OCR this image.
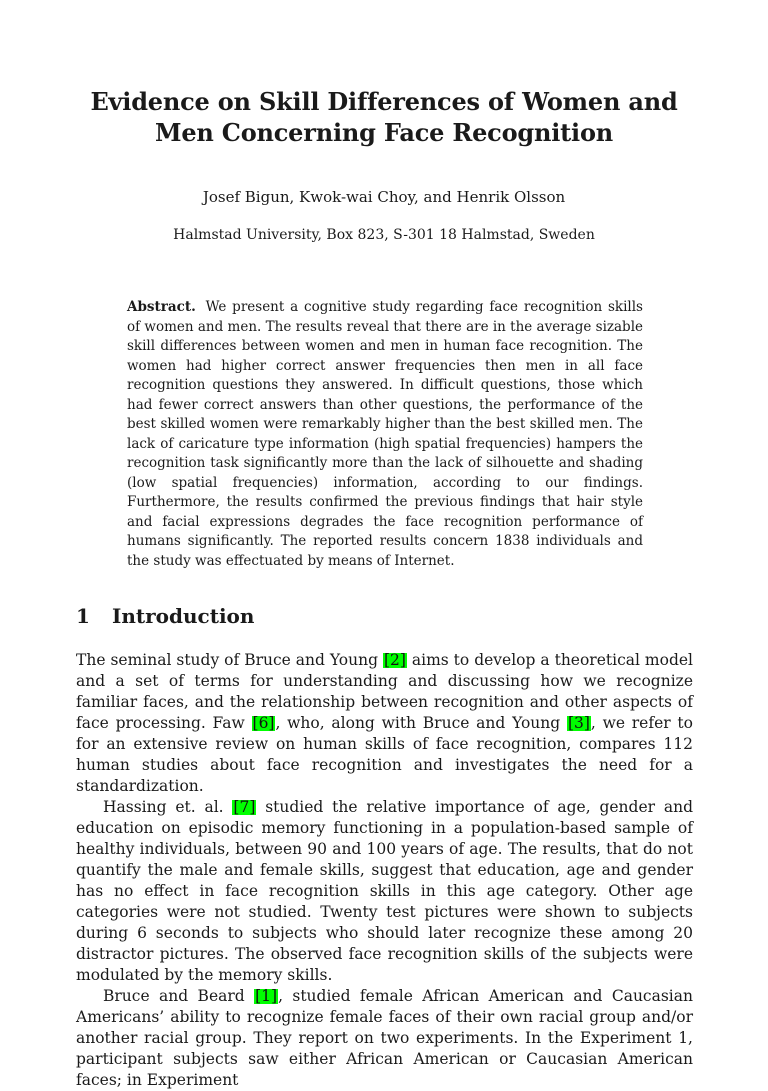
Evidence on Skill Differences of Women and
Men Concerning Face Recognition
Josef Bigun, Kwok-wai Choy, and Henrik Olsson
Halmstad University, Box 823, S-301 18 Halmstad, Sweden
Abstract. We present a cognitive study regarding face recognition skills of women and men. The results reveal that there are in the average sizable skill differences between women and men in human face recognition. The women had higher correct answer frequencies then men in all face recognition questions they answered. In difficult questions, those which had fewer correct answers than other questions, the performance of the best skilled women were remarkably higher than the best skilled men. The lack of caricature type information (high spatial frequencies) hampers the recognition task significantly more than the lack of silhouette and shading (low spatial frequencies) information, according to our findings. Furthermore, the results confirmed the previous findings that hair style and facial expressions degrades the face recognition performance of humans significantly. The reported results concern 1838 individuals and the study was effectuated by means of Internet.
1 Introduction

The seminal study of Bruce and Young [2] aims to develop a theoretical model and a set of terms for understanding and discussing how we recognize familiar faces, and the relationship between recognition and other aspects of face processing. Faw [6], who, along with Bruce and Young [3], we refer to for an extensive review on human skills of face recognition, compares 112 human studies about face recognition and investigates the need for a standardization.

Hassing et. al. [7] studied the relative importance of age, gender and education on episodic memory functioning in a population-based sample of healthy individuals, between 90 and 100 years of age. The results, that do not quantify the male and female skills, suggest that education, age and gender has no effect in face recognition skills in this age category. Other age categories were not studied. Twenty test pictures were shown to subjects during 6 seconds to subjects who should later recognize these among 20 distractor pictures. The observed face recognition skills of the subjects were modulated by the memory skills.

Bruce and Beard [1], studied female African American and Caucasian Americans’ ability to recognize female faces of their own racial group and/or another racial group. They report on two experiments. In the Experiment 1, participant subjects saw either African American or Caucasian American faces; in Experiment
